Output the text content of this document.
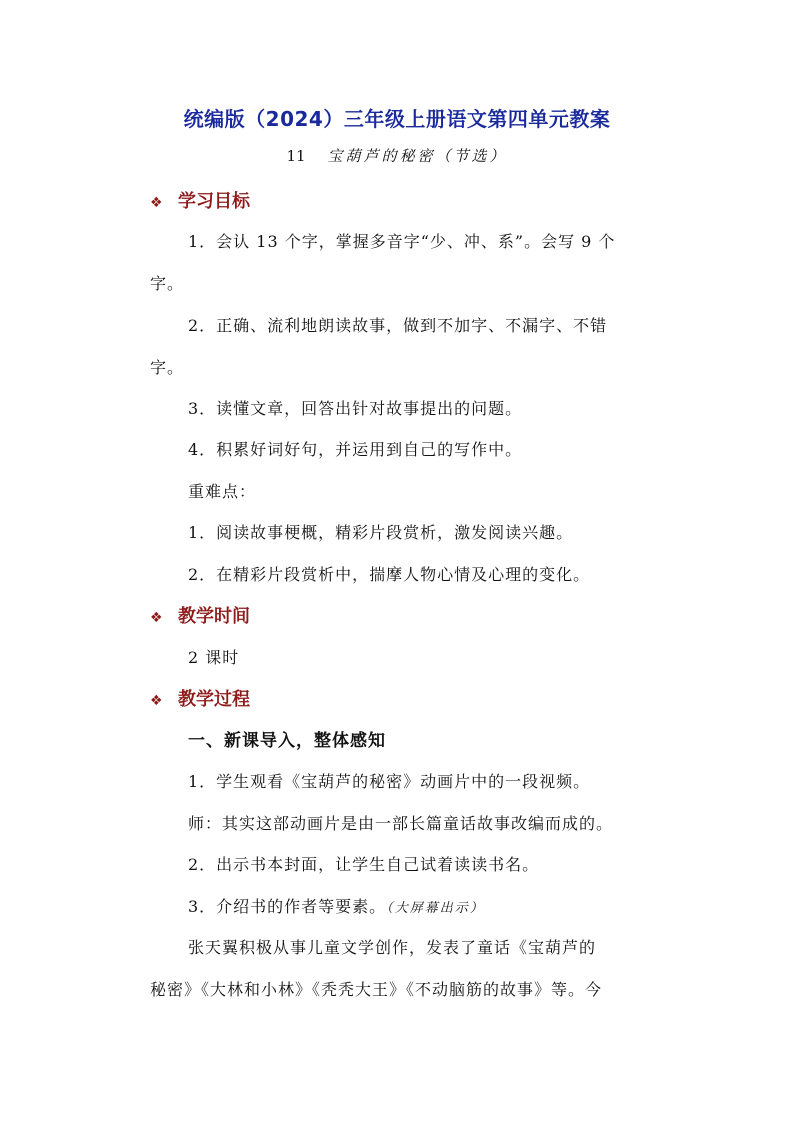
统编版（2024）三年级上册语文第四单元教案
11 宝葫芦的秘密（节选）
❖ 学习目标
1．会认 13 个字，掌握多音字“少、冲、系”。会写 9 个
字。
2．正确、流利地朗读故事，做到不加字、不漏字、不错
字。
3．读懂文章，回答出针对故事提出的问题。
4．积累好词好句，并运用到自己的写作中。
重难点：
1．阅读故事梗概，精彩片段赏析，激发阅读兴趣。
2．在精彩片段赏析中，揣摩人物心情及心理的变化。
❖ 教学时间
2 课时
❖ 教学过程
一、新课导入，整体感知
1．学生观看《宝葫芦的秘密》动画片中的一段视频。
师：其实这部动画片是由一部长篇童话故事改编而成的。
2．出示书本封面，让学生自己试着读读书名。
3．介绍书的作者等要素。（大屏幕出示）
张天翼积极从事儿童文学创作，发表了童话《宝葫芦的
秘密》《大林和小林》《秃秃大王》《不动脑筋的故事》等。今
